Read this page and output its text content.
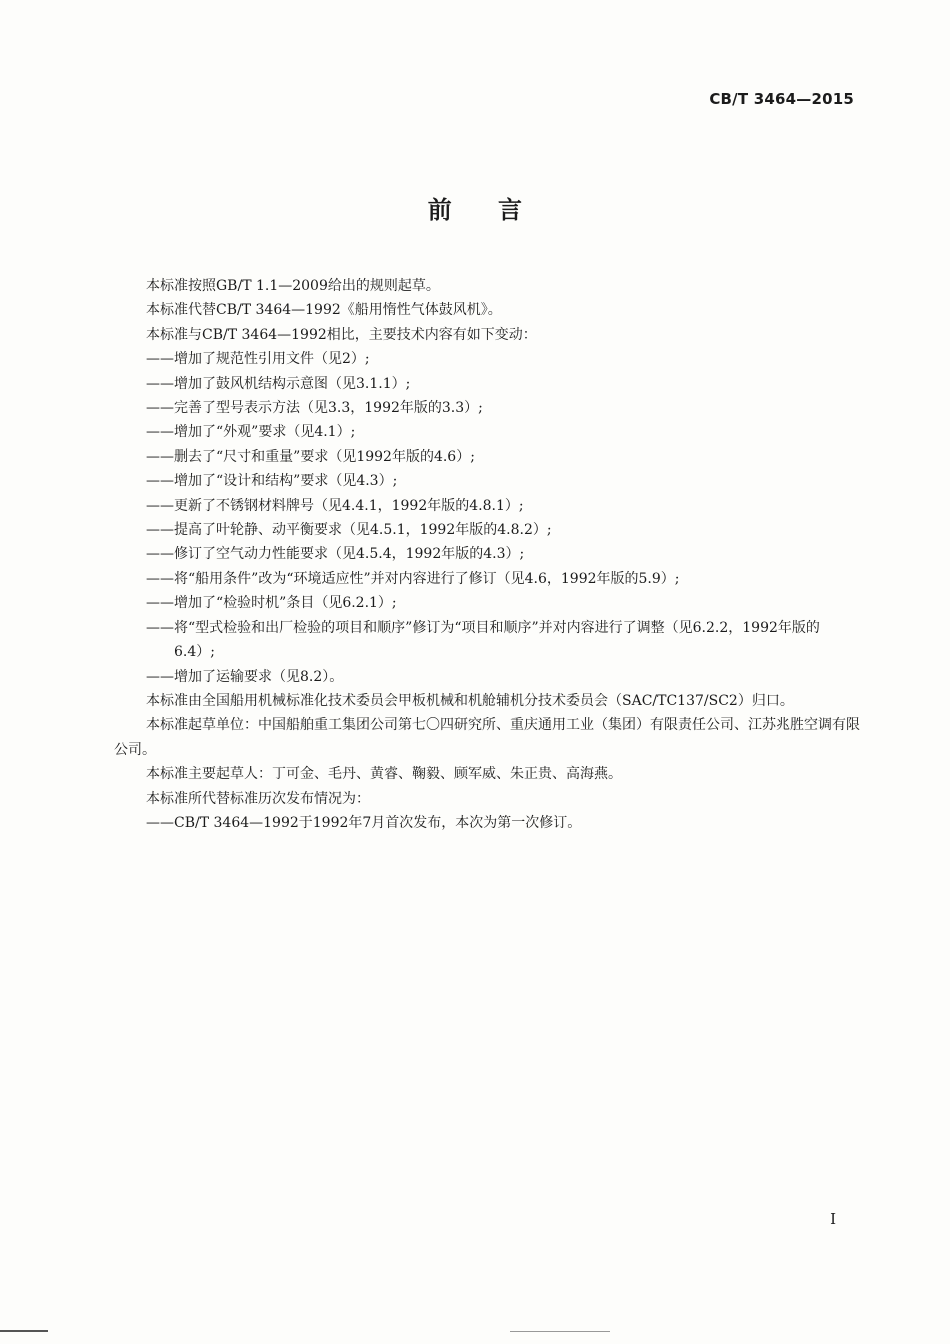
CB/T 3464—2015
前 言

本标准按照GB/T 1.1—2009给出的规则起草。

本标准代替CB/T 3464—1992《船用惰性气体鼓风机》。

本标准与CB/T 3464—1992相比，主要技术内容有如下变动：

——增加了规范性引用文件（见2）;

——增加了鼓风机结构示意图（见3.1.1）;

——完善了型号表示方法（见3.3，1992年版的3.3）;

——增加了“外观”要求（见4.1）;

——删去了“尺寸和重量”要求（见1992年版的4.6）;

——增加了“设计和结构”要求（见4.3）;

——更新了不锈钢材料牌号（见4.4.1，1992年版的4.8.1）;

——提高了叶轮静、动平衡要求（见4.5.1，1992年版的4.8.2）;

——修订了空气动力性能要求（见4.5.4，1992年版的4.3）;

——将“船用条件”改为“环境适应性”并对内容进行了修订（见4.6，1992年版的5.9）;

——增加了“检验时机”条目（见6.2.1）;

——将“型式检验和出厂检验的项目和顺序”修订为“项目和顺序”并对内容进行了调整（见6.2.2，1992年版的6.4）;

——增加了运输要求（见8.2）。

本标准由全国船用机械标准化技术委员会甲板机械和机舱辅机分技术委员会（SAC/TC137/SC2）归口。

本标准起草单位：中国船舶重工集团公司第七〇四研究所、重庆通用工业（集团）有限责任公司、江苏兆胜空调有限公司。

本标准主要起草人：丁可金、毛丹、黄睿、鞠毅、顾军威、朱正贵、高海燕。

本标准所代替标准历次发布情况为：

——CB/T 3464—1992于1992年7月首次发布，本次为第一次修订。

I
